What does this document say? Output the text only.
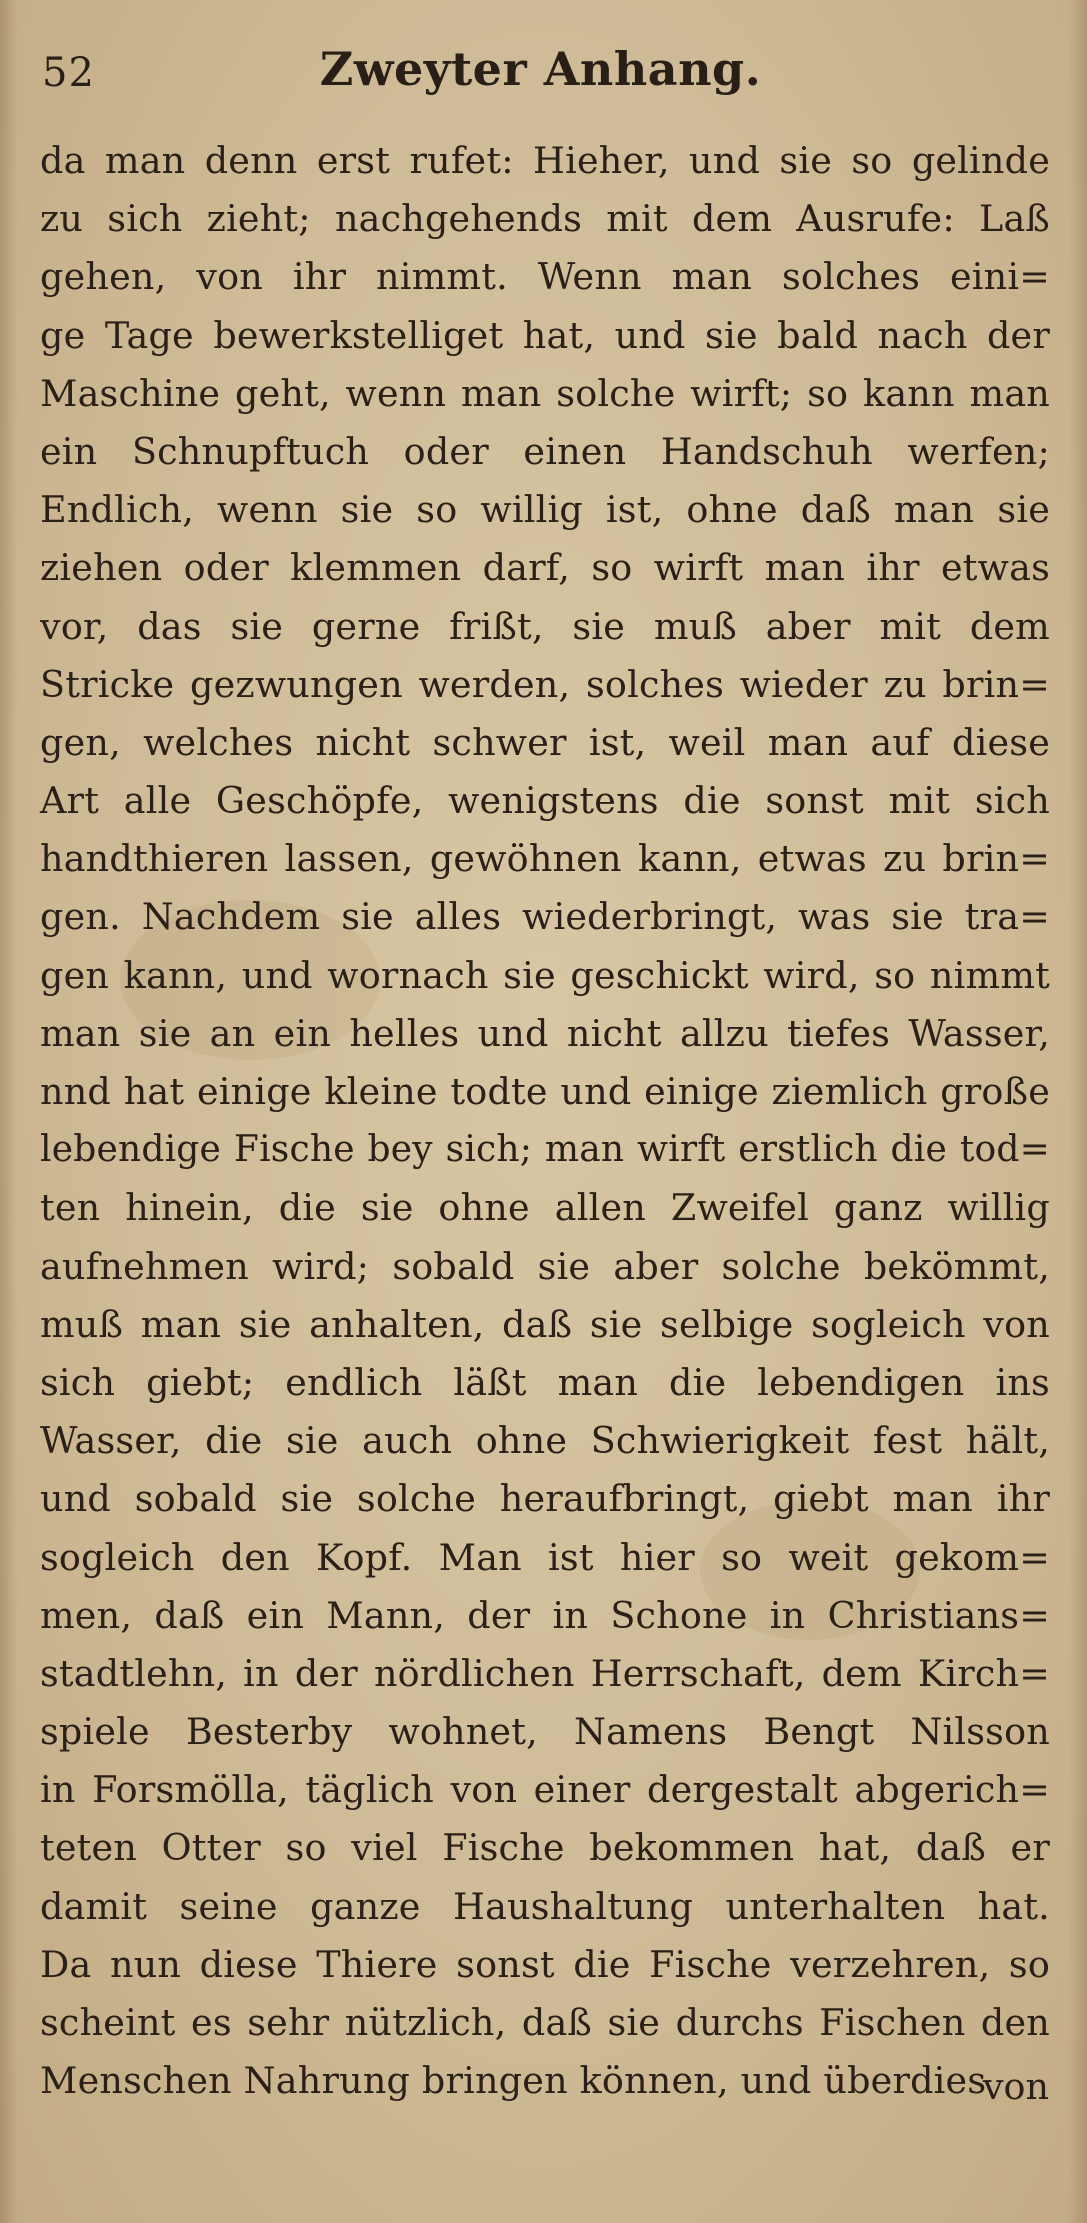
52	Zweyter Anhang.
da man denn erst rufet: Hieher, und sie so gelinde
zu sich zieht; nachgehends mit dem Ausrufe: Laß
gehen, von ihr nimmt. Wenn man solches eini=
ge Tage bewerkstelliget hat, und sie bald nach der
Maschine geht, wenn man solche wirft; so kann man
ein Schnupftuch oder einen Handschuh werfen;
Endlich, wenn sie so willig ist, ohne daß man sie
ziehen oder klemmen darf, so wirft man ihr etwas
vor, das sie gerne frißt, sie muß aber mit dem
Stricke gezwungen werden, solches wieder zu brin=
gen, welches nicht schwer ist, weil man auf diese
Art alle Geschöpfe, wenigstens die sonst mit sich
handthieren lassen, gewöhnen kann, etwas zu brin=
gen. Nachdem sie alles wiederbringt, was sie tra=
gen kann, und wornach sie geschickt wird, so nimmt
man sie an ein helles und nicht allzu tiefes Wasser,
nnd hat einige kleine todte und einige ziemlich große
lebendige Fische bey sich; man wirft erstlich die tod=
ten hinein, die sie ohne allen Zweifel ganz willig
aufnehmen wird; sobald sie aber solche bekömmt,
muß man sie anhalten, daß sie selbige sogleich von
sich giebt; endlich läßt man die lebendigen ins
Wasser, die sie auch ohne Schwierigkeit fest hält,
und sobald sie solche heraufbringt, giebt man ihr
sogleich den Kopf. Man ist hier so weit gekom=
men, daß ein Mann, der in Schone in Christians=
stadtlehn, in der nördlichen Herrschaft, dem Kirch=
spiele Besterby wohnet, Namens Bengt Nilsson
in Forsmölla, täglich von einer dergestalt abgerich=
teten Otter so viel Fische bekommen hat, daß er
damit seine ganze Haushaltung unterhalten hat.
Da nun diese Thiere sonst die Fische verzehren, so
scheint es sehr nützlich, daß sie durchs Fischen den
Menschen Nahrung bringen können, und überdies
von
